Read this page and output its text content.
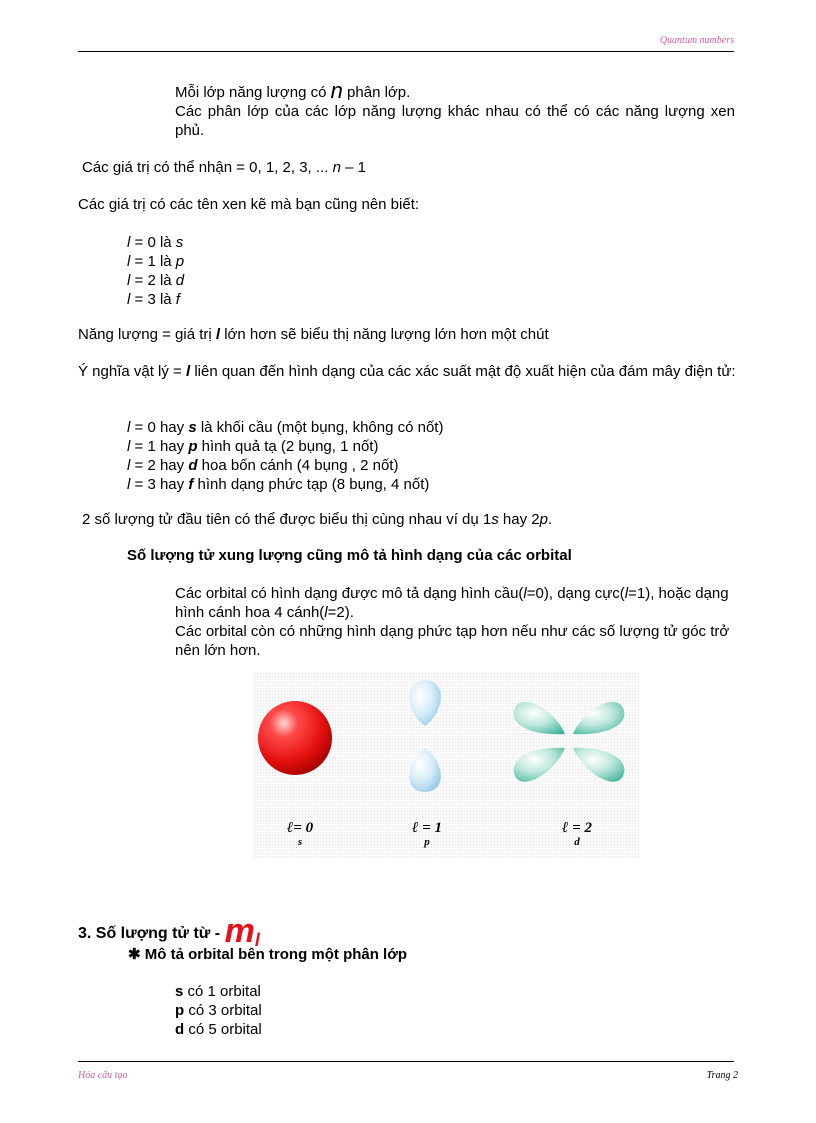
Quantum numbers
Mỗi lớp năng lượng có n phân lớp.
Các phân lớp của các lớp năng lượng khác nhau có thể có các năng lượng xen phủ.
Các giá trị có thể nhận = 0, 1, 2, 3, ... n – 1
Các giá trị có các tên xen kẽ mà bạn cũng nên biết:
l = 0 là s
l = 1 là p
l = 2 là d
l = 3 là f
Năng lượng = giá trị l lớn hơn sẽ biểu thị năng lượng lớn hơn một chút
Ý nghĩa vật lý = l liên quan đến hình dạng của các xác suất mật độ xuất hiện của đám mây điện tử:
l = 0 hay s là khối cầu (một bụng, không có nốt)
l = 1 hay p hình quả tạ (2 bụng, 1 nốt)
l = 2 hay d hoa bốn cánh (4 bụng , 2 nốt)
l = 3 hay f hình dạng phức tạp (8 bụng, 4 nốt)
2 số lượng tử đầu tiên có thể được biểu thị cùng nhau ví dụ 1s hay 2p.
Số lượng tử xung lượng cũng mô tả hình dạng của các orbital
Các orbital có hình dạng được mô tả dạng hình cầu(l=0), dạng cực(l=1), hoặc dạng hình cánh hoa 4 cánh(l=2).
Các orbital còn có những hình dạng phức tạp hơn nếu như các số lượng tử góc trở nên lớn hơn.
ℓ= 0
s
ℓ = 1
p
ℓ = 2
d
3. Số lượng tử từ - $m_l$
✱ Mô tả orbital bên trong một phân lớp
s có 1 orbital
p có 3 orbital
d có 5 orbital
Hóa cấu tạo	Trang 2
